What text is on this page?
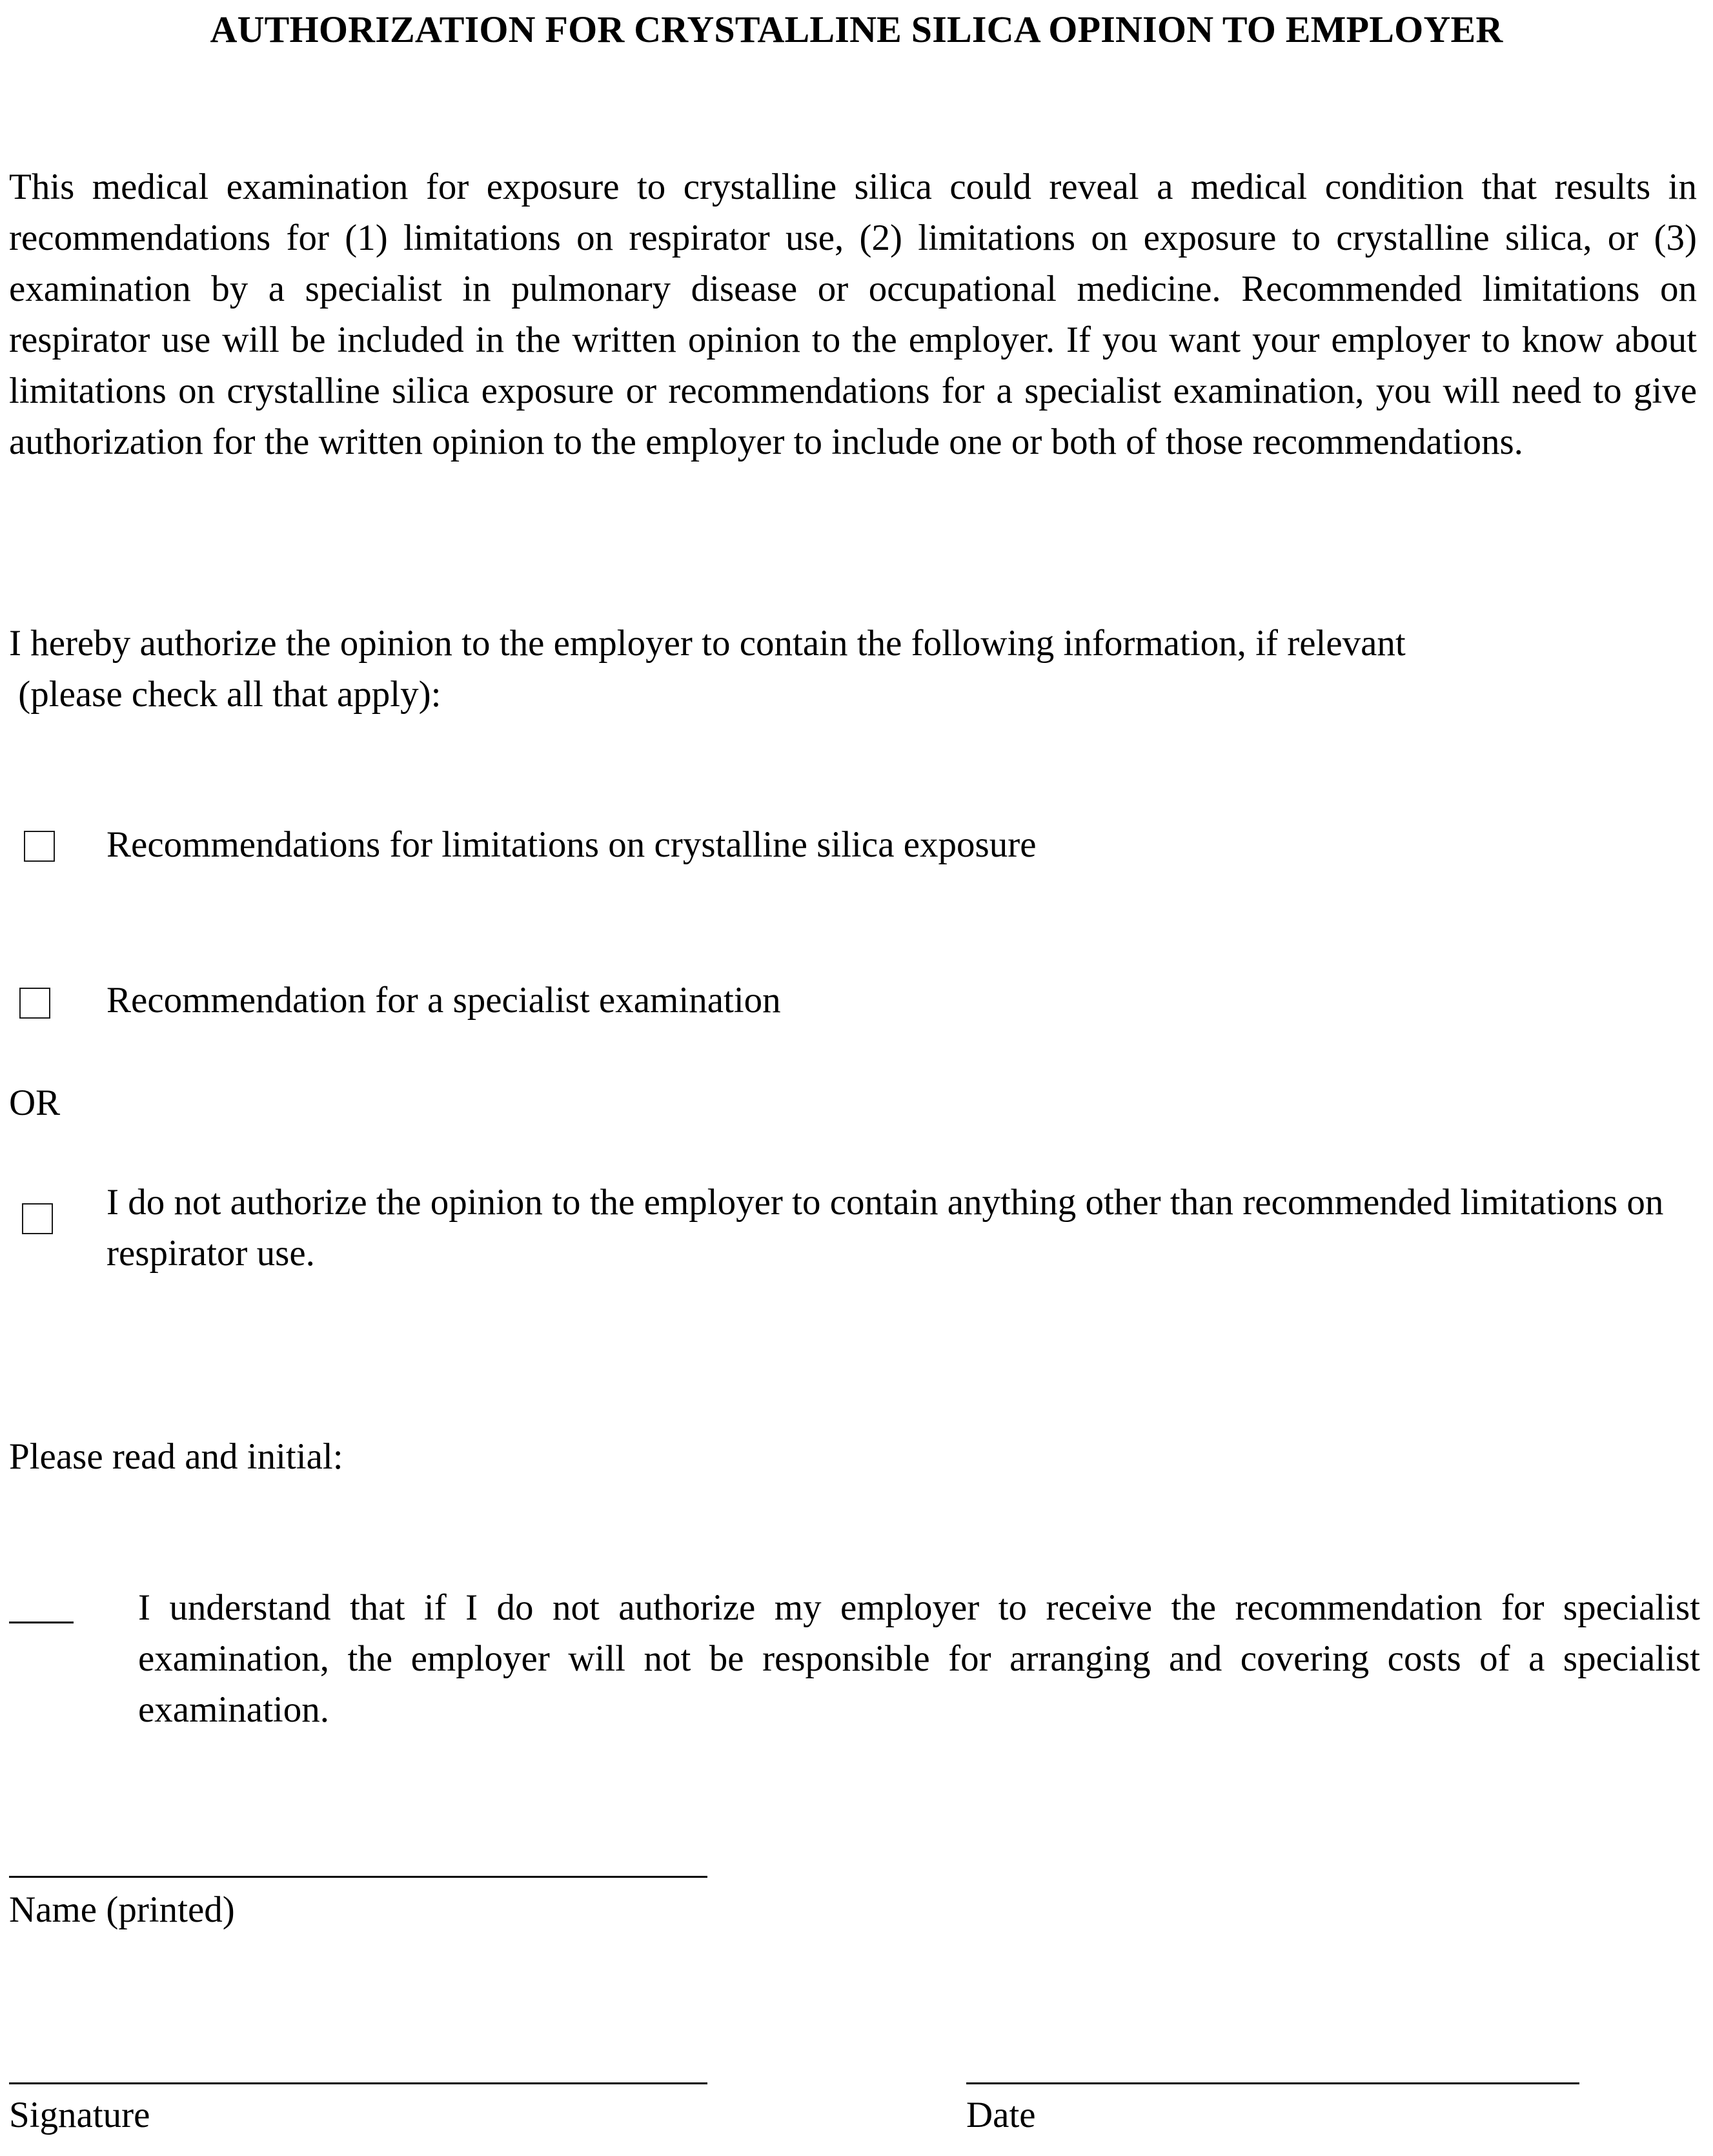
AUTHORIZATION FOR CRYSTALLINE SILICA OPINION TO EMPLOYER
This medical examination for exposure to crystalline silica could reveal a medical condition that results in recommendations for (1) limitations on respirator use, (2) limitations on exposure to crystalline silica, or (3) examination by a specialist in pulmonary disease or occupational medicine. Recommended limitations on respirator use will be included in the written opinion to the employer. If you want your employer to know about limitations on crystalline silica exposure or recommendations for a specialist examination, you will need to give authorization for the written opinion to the employer to include one or both of those recommendations.
I hereby authorize the opinion to the employer to contain the following information, if relevant
(please check all that apply):
Recommendations for limitations on crystalline silica exposure
Recommendation for a specialist examination
OR
I do not authorize the opinion to the employer to contain anything other than recommended limitations on respirator use.
Please read and initial:
I understand that if I do not authorize my employer to receive the recommendation for specialist examination, the employer will not be responsible for arranging and covering costs of a specialist examination.
Name (printed)
Signature	Date
